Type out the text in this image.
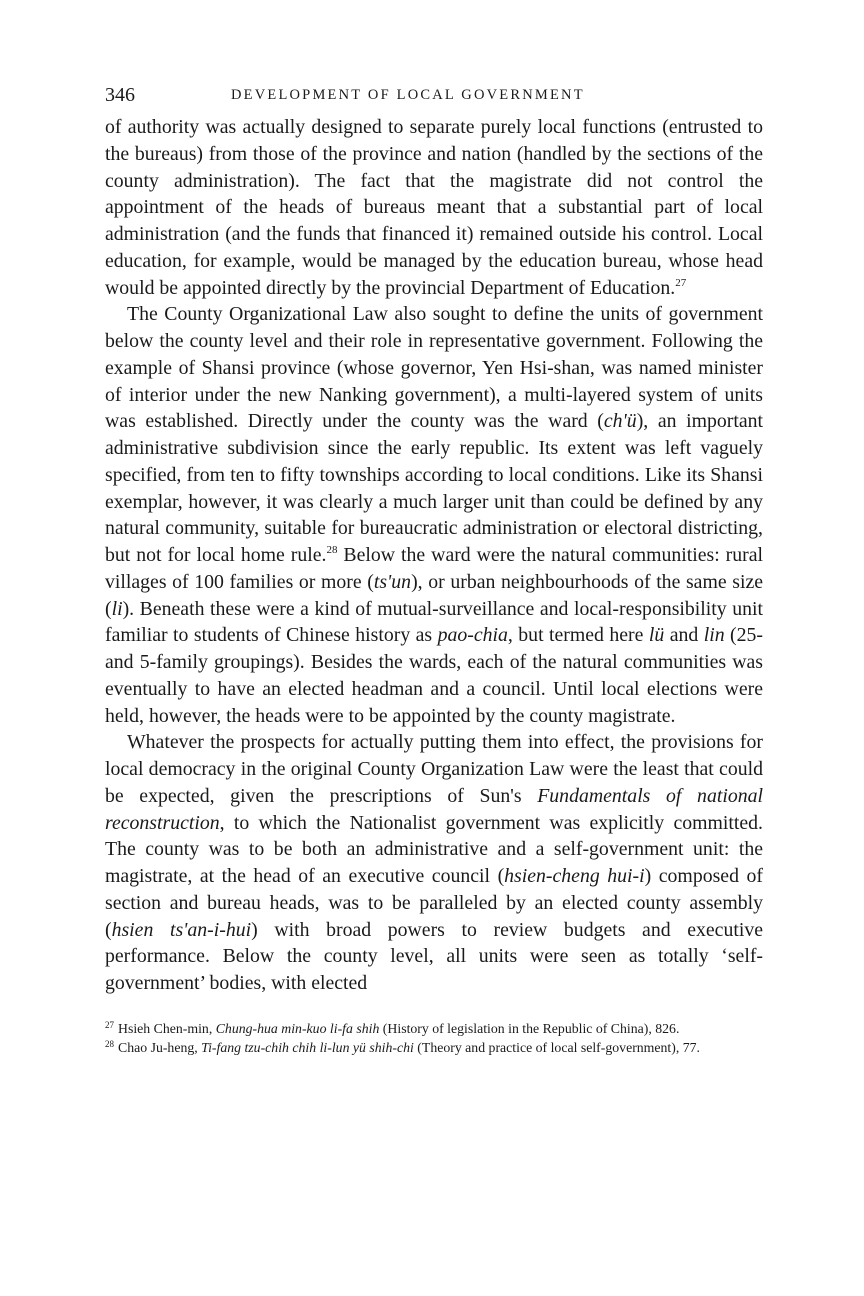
346	DEVELOPMENT OF LOCAL GOVERNMENT

of authority was actually designed to separate purely local functions (entrusted to the bureaus) from those of the province and nation (handled by the sections of the county administration). The fact that the magistrate did not control the appointment of the heads of bureaus meant that a substantial part of local administration (and the funds that financed it) remained outside his control. Local education, for example, would be managed by the education bureau, whose head would be appointed directly by the provincial Department of Education.$^{27}$

The County Organizational Law also sought to define the units of government below the county level and their role in representative government. Following the example of Shansi province (whose governor, Yen Hsi-shan, was named minister of interior under the new Nanking government), a multi-layered system of units was established. Directly under the county was the ward (ch'ü), an important administrative subdivision since the early republic. Its extent was left vaguely specified, from ten to fifty townships according to local conditions. Like its Shansi exemplar, however, it was clearly a much larger unit than could be defined by any natural community, suitable for bureaucratic administration or electoral districting, but not for local home rule.$^{28}$ Below the ward were the natural communities: rural villages of 100 families or more (ts'un), or urban neighbourhoods of the same size (li). Beneath these were a kind of mutual-surveillance and local-responsibility unit familiar to students of Chinese history as pao-chia, but termed here lü and lin (25- and 5-family groupings). Besides the wards, each of the natural communities was eventually to have an elected headman and a council. Until local elections were held, however, the heads were to be appointed by the county magistrate.

Whatever the prospects for actually putting them into effect, the provisions for local democracy in the original County Organization Law were the least that could be expected, given the prescriptions of Sun's Fundamentals of national reconstruction, to which the Nationalist government was explicitly committed. The county was to be both an administrative and a self-government unit: the magistrate, at the head of an executive council (hsien-cheng hui-i) composed of section and bureau heads, was to be paralleled by an elected county assembly (hsien ts'an-i-hui) with broad powers to review budgets and executive performance. Below the county level, all units were seen as totally ‘self-government’ bodies, with elected

$^{27}$ Hsieh Chen-min, Chung-hua min-kuo li-fa shih (History of legislation in the Republic of China), 826.
$^{28}$ Chao Ju-heng, Ti-fang tzu-chih chih li-lun yü shih-chi (Theory and practice of local self-government), 77.
